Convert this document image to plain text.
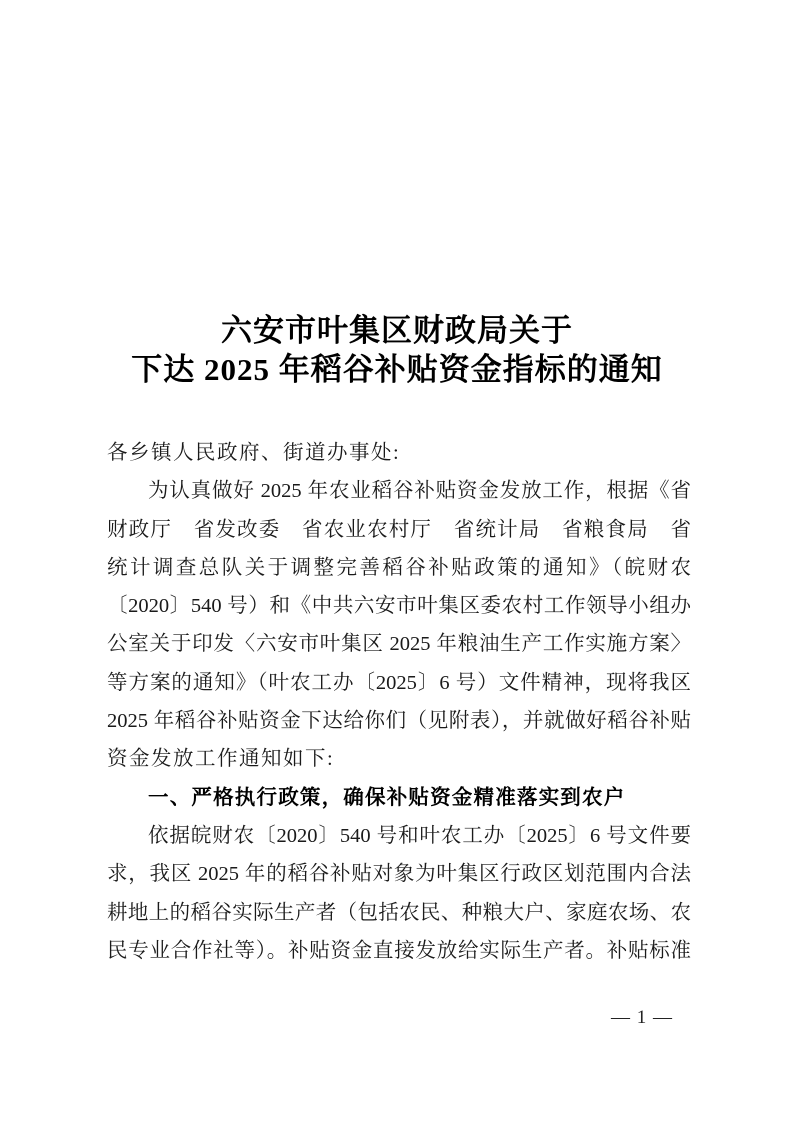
六安市叶集区财政局关于
下达 2025 年稻谷补贴资金指标的通知
各乡镇人民政府、街道办事处:
为认真做好 2025 年农业稻谷补贴资金发放工作，根据《省
财政厅　省发改委　省农业农村厅　省统计局　省粮食局　省
统计调查总队关于调整完善稻谷补贴政策的通知》（皖财农
〔2020〕540 号）和《中共六安市叶集区委农村工作领导小组办
公室关于印发〈六安市叶集区 2025 年粮油生产工作实施方案〉
等方案的通知》（叶农工办〔2025〕6 号）文件精神，现将我区
2025 年稻谷补贴资金下达给你们（见附表），并就做好稻谷补贴
资金发放工作通知如下:
一、严格执行政策，确保补贴资金精准落实到农户
依据皖财农〔2020〕540 号和叶农工办〔2025〕6 号文件要
求，我区 2025 年的稻谷补贴对象为叶集区行政区划范围内合法
耕地上的稻谷实际生产者（包括农民、种粮大户、家庭农场、农
民专业合作社等）。补贴资金直接发放给实际生产者。补贴标准
— 1 —
